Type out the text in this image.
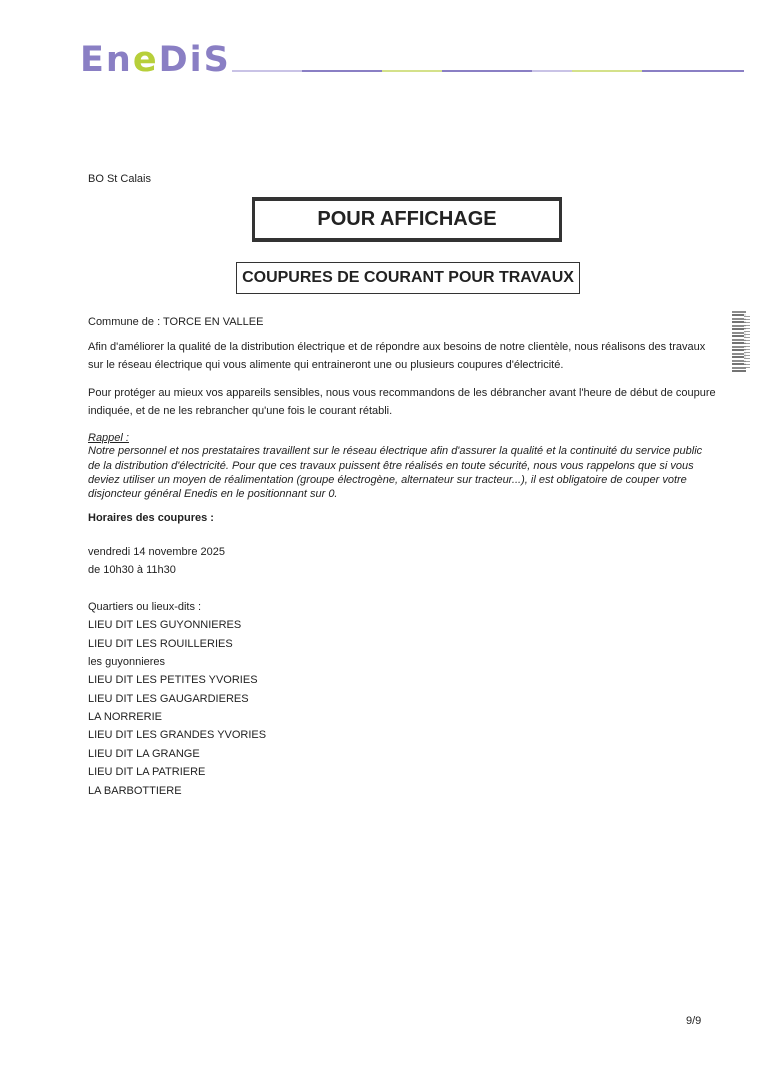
EneDiS
BO St Calais
POUR AFFICHAGE
COUPURES DE COURANT POUR TRAVAUX
Commune de : TORCE EN VALLEE
Afin d'améliorer la qualité de la distribution électrique et de répondre aux besoins de notre clientèle, nous réalisons des travaux
sur le réseau électrique qui vous alimente qui entraineront une ou plusieurs coupures d'électricité.
Pour protéger au mieux vos appareils sensibles, nous vous recommandons de les débrancher avant l'heure de début de coupure
indiquée, et de ne les rebrancher qu'une fois le courant rétabli.
Rappel :
Notre personnel et nos prestataires travaillent sur le réseau électrique afin d'assurer la qualité et la continuité du service public
de la distribution d'électricité. Pour que ces travaux puissent être réalisés en toute sécurité, nous vous rappelons que si vous
deviez utiliser un moyen de réalimentation (groupe électrogène, alternateur sur tracteur...), il est obligatoire de couper votre
disjoncteur général Enedis en le positionnant sur 0.
Horaires des coupures :
vendredi 14 novembre 2025
de 10h30 à 11h30
Quartiers ou lieux-dits :
LIEU DIT LES GUYONNIERES
LIEU DIT LES ROUILLERIES
les guyonnieres
LIEU DIT LES PETITES YVORIES
LIEU DIT LES GAUGARDIERES
LA NORRERIE
LIEU DIT LES GRANDES YVORIES
LIEU DIT LA GRANGE
LIEU DIT LA PATRIERE
LA BARBOTTIERE
9/9
